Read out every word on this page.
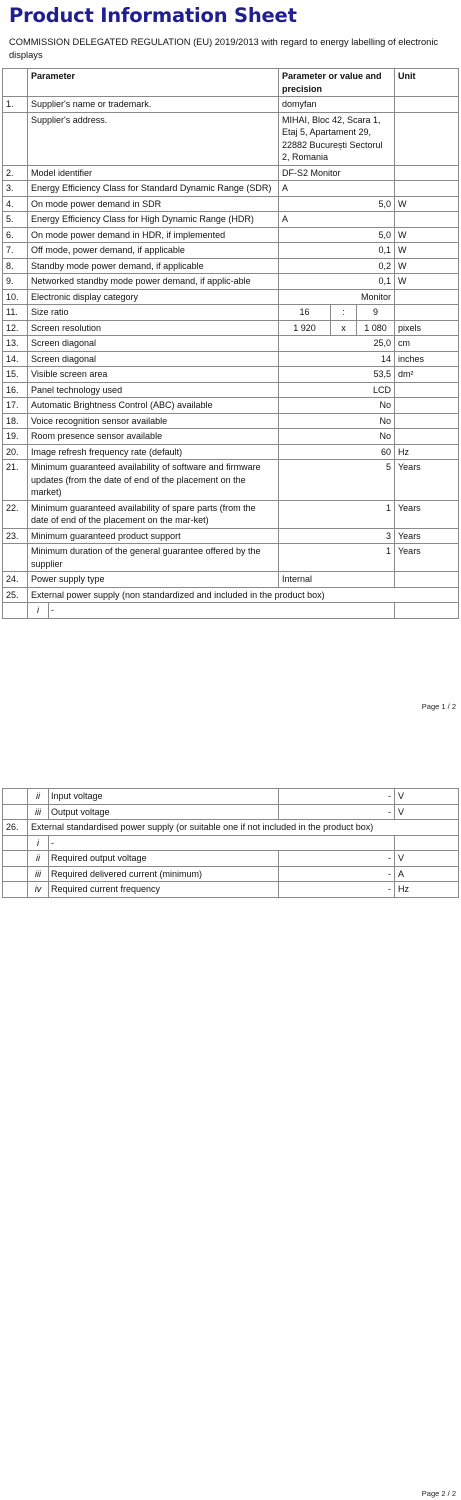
Product Information Sheet
COMMISSION DELEGATED REGULATION (EU) 2019/2013 with regard to energy labelling of electronic displays
	Parameter		Parameter or value and precision			Unit
1.	Supplier's name or trademark.		domyfan			
	Supplier's address.		MIHAI, Bloc 42, Scara 1, Etaj 5, Apartament 29, 22882 București Sectorul 2, Romania			
2.	Model identifier		DF-S2 Monitor			
3.	Energy Efficiency Class for Standard Dynamic Range (SDR)		A			
4.	On mode power demand in SDR		5,0			W
5.	Energy Efficiency Class for High Dynamic Range (HDR)		A			
6.	On mode power demand in HDR, if implemented		5,0			W
7.	Off mode, power demand, if applicable		0,1			W
8.	Standby mode power demand, if applicable		0,2			W
9.	Networked standby mode power demand, if applic-able		0,1			W
10.	Electronic display category		Monitor			
11.	Size ratio		16	:	9	
12.	Screen resolution		1 920	x	1 080	pixels
13.	Screen diagonal		25,0			cm
14.	Screen diagonal		14			inches
15.	Visible screen area		53,5			dm²
16.	Panel technology used		LCD			
17.	Automatic Brightness Control (ABC) available		No			
18.	Voice recognition sensor available		No			
19.	Room presence sensor available		No			
20.	Image refresh frequency rate (default)		60			Hz
21.	Minimum guaranteed availability of software and firmware updates (from the date of end of the placement on the market)		5			Years
22.	Minimum guaranteed availability of spare parts (from the date of end of the placement on the mar-ket)		1			Years
23.	Minimum guaranteed product support		3			Years
	Minimum duration of the general guarantee offered by the supplier		1			Years
24.	Power supply type		Internal			
25.	External power supply (non standardized and included in the product box)					
	i	-				
Page 1 / 2
	ii	Input voltage	-	V
	iii	Output voltage	-	V
26.	External standardised power supply (or suitable one if not included in the product box)			
	i	-		
	ii	Required output voltage	-	V
	iii	Required delivered current (minimum)	-	A
	iv	Required current frequency	-	Hz
Page 2 / 2
